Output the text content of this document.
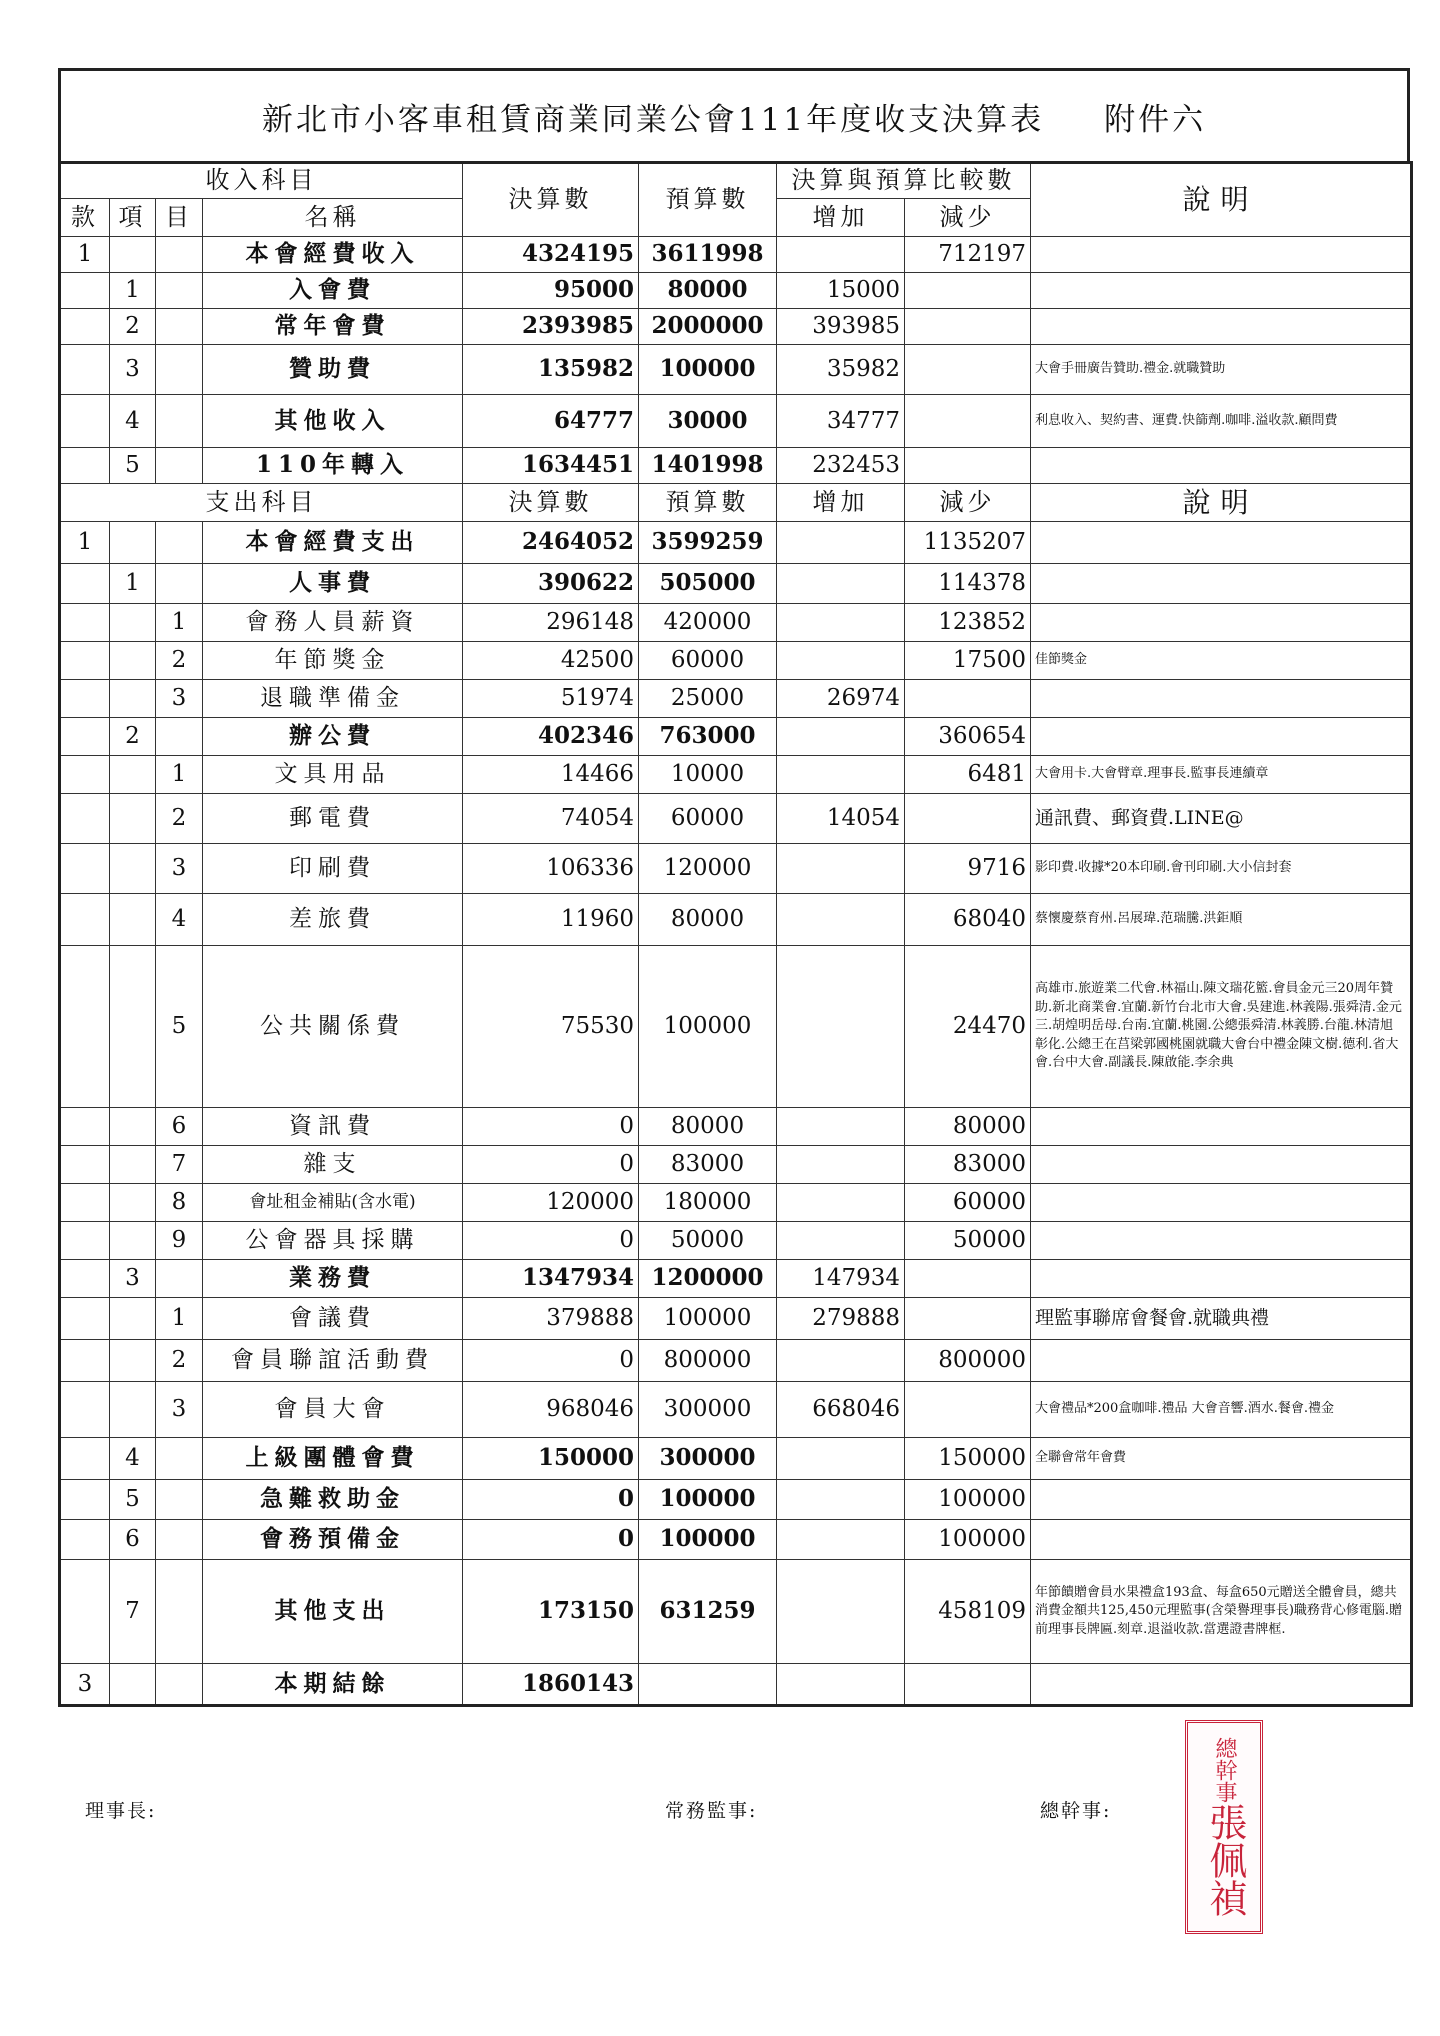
新北市小客車租賃商業同業公會111年度收支決算表 附件六
收入科目				決算數	預算數	決算與預算比較數		說明
款	項	目	名稱			增加	減少	
1			本會經費收入	4324195	3611998		712197	
	1		入會費	95000	80000	15000		
	2		常年會費	2393985	2000000	393985		
	3		贊助費	135982	100000	35982		大會手冊廣告贊助.禮金.就職贊助
	4		其他收入	64777	30000	34777		利息收入、契約書、運費.快篩劑.咖啡.溢收款.顧問費
	5		110年轉入	1634451	1401998	232453		
支出科目				決算數	預算數	增加	減少	說明
1			本會經費支出	2464052	3599259		1135207	
	1		人事費	390622	505000		114378	
		1	會務人員薪資	296148	420000		123852	
		2	年節獎金	42500	60000		17500	佳節獎金
		3	退職準備金	51974	25000	26974		
	2		辦公費	402346	763000		360654	
		1	文具用品	14466	10000		6481	大會用卡.大會臂章.理事長.監事長連續章
		2	郵電費	74054	60000	14054		通訊費、郵資費.LINE@
		3	印刷費	106336	120000		9716	影印費.收據*20本印刷.會刊印刷.大小信封套
		4	差旅費	11960	80000		68040	蔡懷慶蔡育州.呂展瑋.范瑞騰.洪鉅順
		5	公共關係費	75530	100000		24470	高雄市.旅遊業二代會.林福山.陳文瑞花籃.會員金元三20周年贊助.新北商業會.宜蘭.新竹台北市大會.吳建進.林義陽.張舜清.金元三.胡煌明岳母.台南.宜蘭.桃園.公總張舜清.林義勝.台龍.林清旭彰化.公總王在莒梁郭國桃園就職大會台中禮金陳文樹.德利.省大會.台中大會.副議長.陳啟能.李余典
		6	資訊費	0	80000		80000	
		7	雜支	0	83000		83000	
		8	會址租金補貼(含水電)	120000	180000		60000	
		9	公會器具採購	0	50000		50000	
	3		業務費	1347934	1200000	147934		
		1	會議費	379888	100000	279888		理監事聯席會餐會.就職典禮
		2	會員聯誼活動費	0	800000		800000	
		3	會員大會	968046	300000	668046		大會禮品*200盒咖啡.禮品 大會音響.酒水.餐會.禮金
	4		上級團體會費	150000	300000		150000	全聯會常年會費
	5		急難救助金	0	100000		100000	
	6		會務預備金	0	100000		100000	
	7		其他支出	173150	631259		458109	年節饋贈會員水果禮盒193盒、每盒650元贈送全體會員，總共消費金額共125,450元理監事(含榮譽理事長)職務背心修電腦.贈前理事長牌匾.刻章.退溢收款.當選證書牌框.
3			本期結餘	1860143				
理事長:	常務監事:	總幹事:
總幹事
張佩禎
